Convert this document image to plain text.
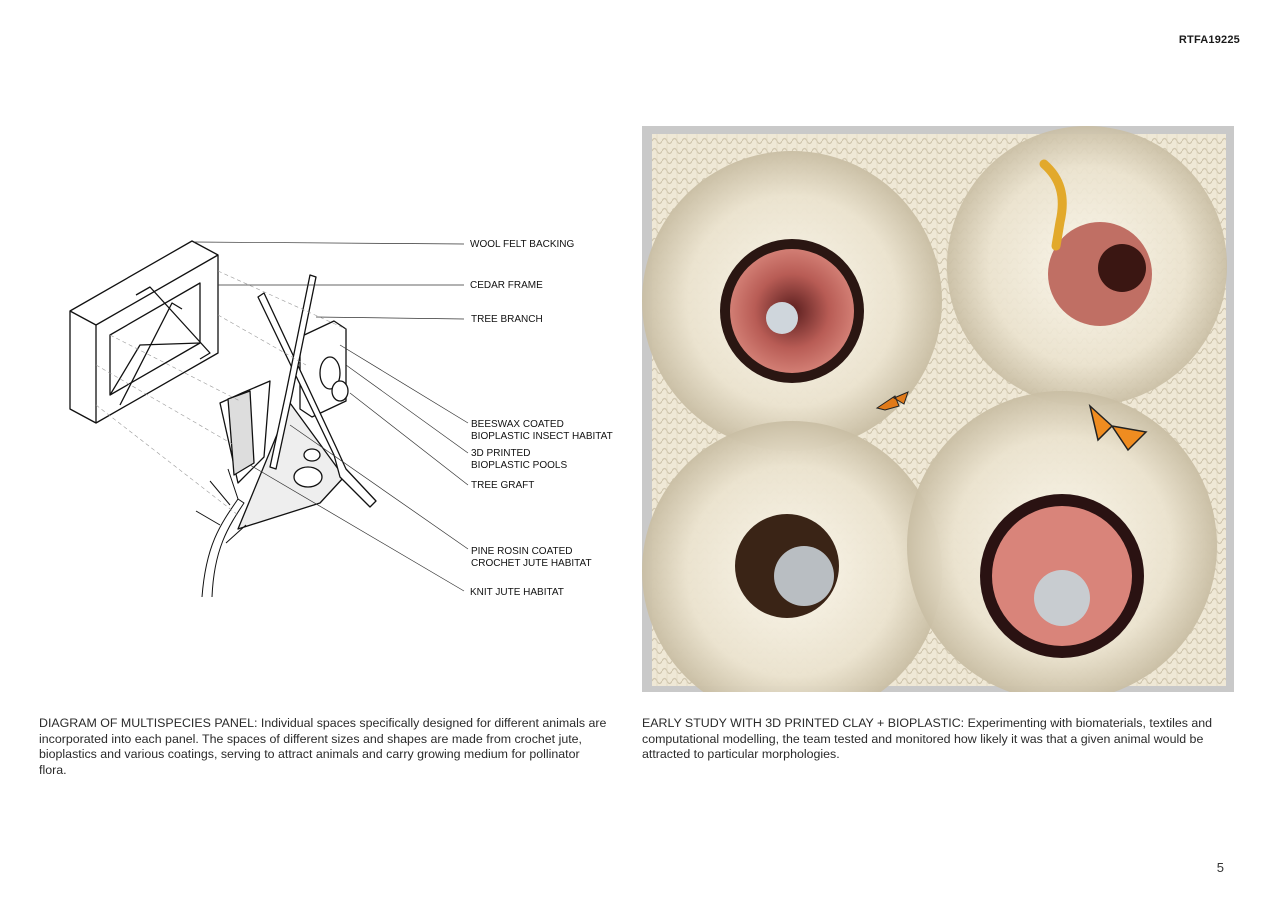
RTFA19225
WOOL FELT BACKING
CEDAR FRAME
TREE BRANCH
BEESWAX COATED
BIOPLASTIC INSECT HABITAT
3D PRINTED
BIOPLASTIC POOLS
TREE GRAFT
PINE ROSIN COATED
CROCHET JUTE HABITAT
KNIT JUTE HABITAT
DIAGRAM OF MULTISPECIES PANEL: Individual spaces specifically designed for different animals are incorporated into each panel. The spaces of different sizes and shapes are made from crochet jute, bioplastics and various coatings, serving to attract animals and carry growing medium for pollinator flora.
EARLY STUDY WITH 3D PRINTED CLAY + BIOPLASTIC: Experimenting with biomaterials, textiles and computational modelling, the team tested and monitored how likely it was that a given animal would be attracted to particular morphologies.
5
